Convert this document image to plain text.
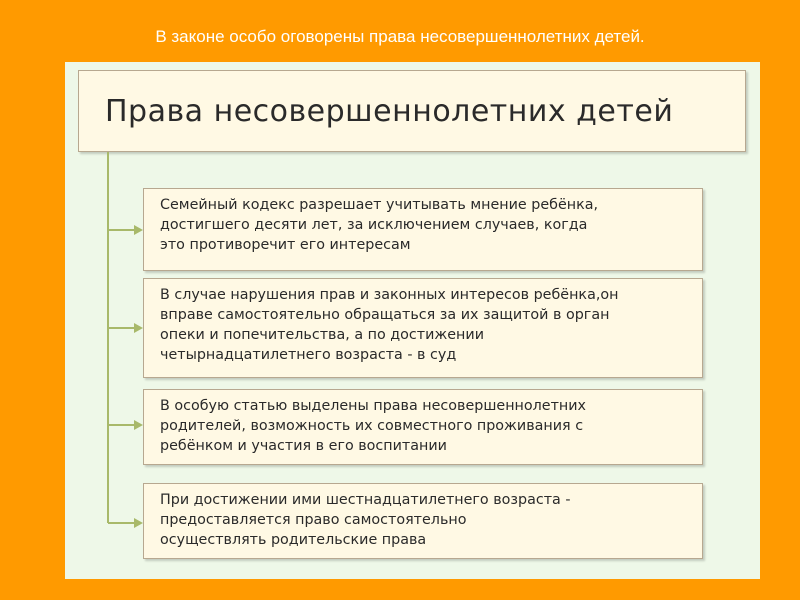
В законе особо оговорены права несовершеннолетних детей.
Права несовершеннолетних детей
Семейный кодекс разрешает учитывать мнение ребёнка,
достигшего десяти лет, за исключением случаев, когда
это противоречит его интересам
В случае нарушения прав и законных интересов ребёнка,он
вправе самостоятельно обращаться за их защитой в орган
опеки и попечительства, а по достижении
четырнадцатилетнего возраста - в суд
В особую статью выделены права несовершеннолетних
родителей, возможность их совместного проживания с
ребёнком и участия в его воспитании
При достижении ими шестнадцатилетнего возраста -
предоставляется право самостоятельно
осуществлять родительские права
